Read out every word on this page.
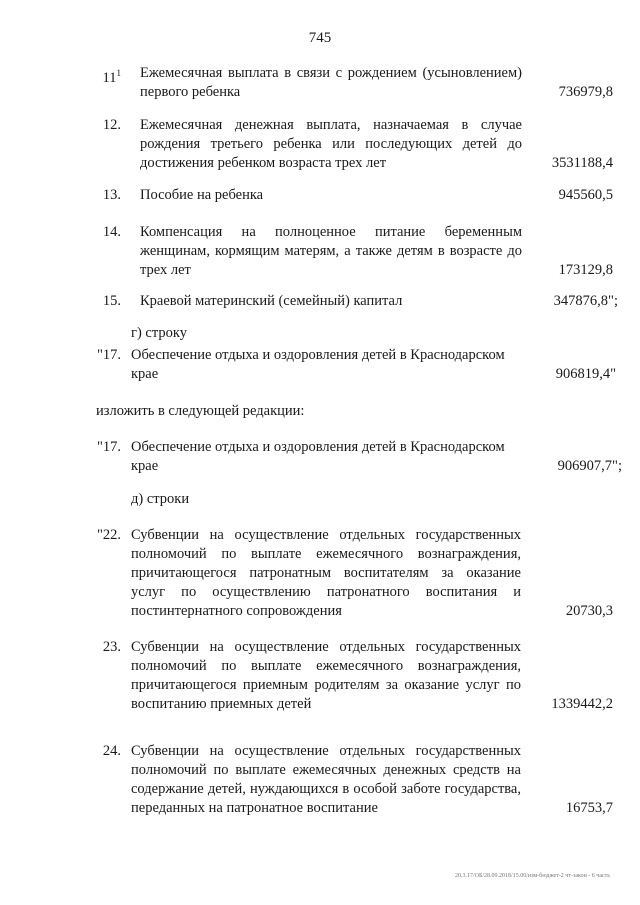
745
$11^1$ Ежемесячная выплата в связи с рождением (усыновлением) первого ребенка	736979,8
12. Ежемесячная денежная выплата, назначаемая в случае рождения третьего ребенка или последующих детей до достижения ребенком возраста трех лет	3531188,4
13. Пособие на ребенка	945560,5
14. Компенсация на полноценное питание беременным женщинам, кормящим матерям, а также детям в возрасте до трех лет	173129,8
15. Краевой материнский (семейный) капитал	347876,8";
г) строку
"17. Обеспечение отдыха и оздоровления детей в Краснодарском крае	906819,4"
изложить в следующей редакции:
"17. Обеспечение отдыха и оздоровления детей в Краснодарском крае	906907,7";
д) строки
"22. Субвенции на осуществление отдельных государственных полномочий по выплате ежемесячного вознаграждения, причитающегося патронатным воспитателям за оказание услуг по осуществлению патронатного воспитания и постинтернатного сопровождения	20730,3
23. Субвенции на осуществление отдельных государственных полномочий по выплате ежемесячного вознаграждения, причитающегося приемным родителям за оказание услуг по воспитанию приемных детей	1339442,2
24. Субвенции на осуществление отдельных государственных полномочий по выплате ежемесячных денежных средств на содержание детей, нуждающихся в особой заботе государства, переданных на патронатное воспитание	16753,7
20.3.17/ОБ/28.09.2018/15.00/изм-бюджет-2 чт-закон - 6 часть
